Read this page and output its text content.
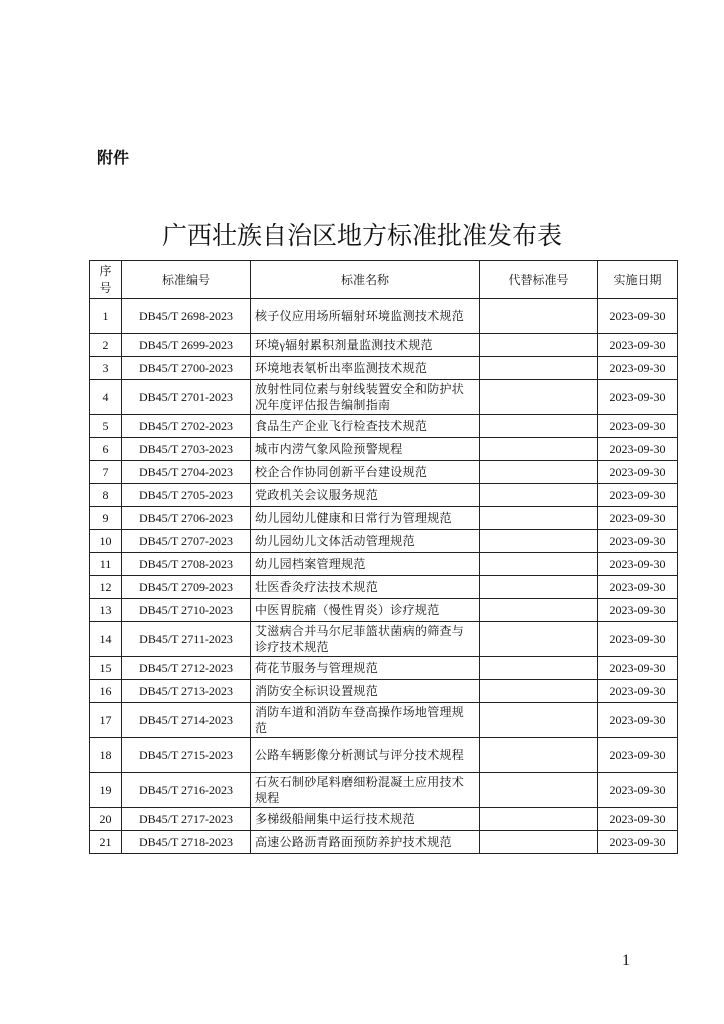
附件
广西壮族自治区地方标准批准发布表
序号	标准编号	标准名称	代替标准号	实施日期
1	DB45/T 2698-2023	核子仪应用场所辐射环境监测技术规范		2023-09-30
2	DB45/T 2699-2023	环境γ辐射累积剂量监测技术规范		2023-09-30
3	DB45/T 2700-2023	环境地表氡析出率监测技术规范		2023-09-30
4	DB45/T 2701-2023	放射性同位素与射线装置安全和防护状况年度评估报告编制指南		2023-09-30
5	DB45/T 2702-2023	食品生产企业飞行检查技术规范		2023-09-30
6	DB45/T 2703-2023	城市内涝气象风险预警规程		2023-09-30
7	DB45/T 2704-2023	校企合作协同创新平台建设规范		2023-09-30
8	DB45/T 2705-2023	党政机关会议服务规范		2023-09-30
9	DB45/T 2706-2023	幼儿园幼儿健康和日常行为管理规范		2023-09-30
10	DB45/T 2707-2023	幼儿园幼儿文体活动管理规范		2023-09-30
11	DB45/T 2708-2023	幼儿园档案管理规范		2023-09-30
12	DB45/T 2709-2023	壮医香灸疗法技术规范		2023-09-30
13	DB45/T 2710-2023	中医胃脘痛（慢性胃炎）诊疗规范		2023-09-30
14	DB45/T 2711-2023	艾滋病合并马尔尼菲篮状菌病的筛查与诊疗技术规范		2023-09-30
15	DB45/T 2712-2023	荷花节服务与管理规范		2023-09-30
16	DB45/T 2713-2023	消防安全标识设置规范		2023-09-30
17	DB45/T 2714-2023	消防车道和消防车登高操作场地管理规范		2023-09-30
18	DB45/T 2715-2023	公路车辆影像分析测试与评分技术规程		2023-09-30
19	DB45/T 2716-2023	石灰石制砂尾料磨细粉混凝土应用技术规程		2023-09-30
20	DB45/T 2717-2023	多梯级船闸集中运行技术规范		2023-09-30
21	DB45/T 2718-2023	高速公路沥青路面预防养护技术规范		2023-09-30
1
